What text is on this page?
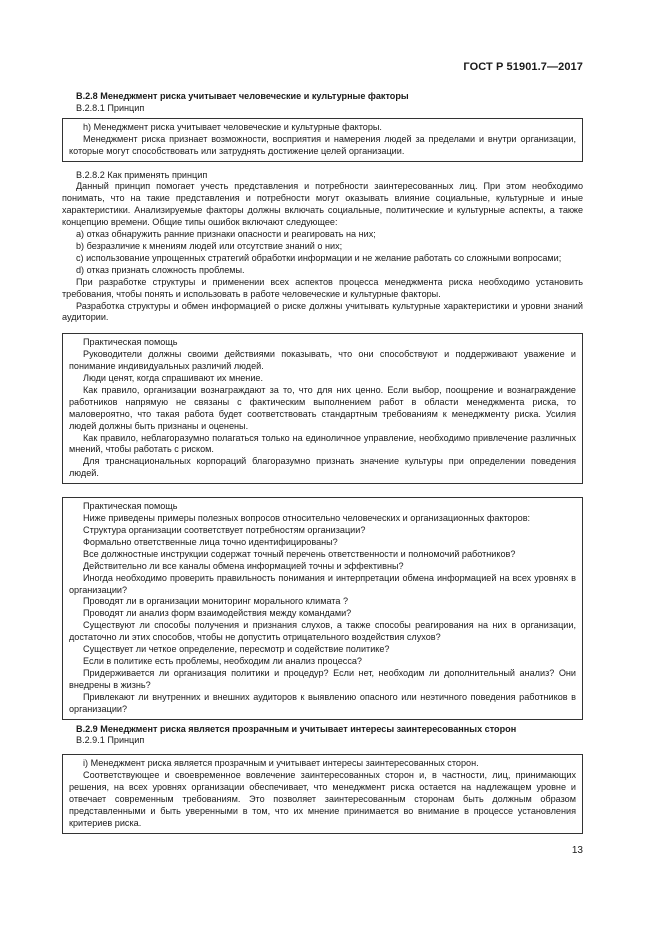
ГОСТ Р 51901.7—2017

В.2.8 Менеджмент риска учитывает человеческие и культурные факторы

В.2.8.1 Принцип

h) Менеджмент риска учитывает человеческие и культурные факторы.

Менеджмент риска признает возможности, восприятия и намерения людей за пределами и внутри организации, которые могут способствовать или затруднять достижение целей организации.

В.2.8.2 Как применять принцип

Данный принцип помогает учесть представления и потребности заинтересованных лиц. При этом необходимо понимать, что на такие представления и потребности могут оказывать влияние социальные, культурные и иные характеристики. Анализируемые факторы должны включать социальные, политические и культурные аспекты, а также концепцию времени. Общие типы ошибок включают следующее:

а) отказ обнаружить ранние признаки опасности и реагировать на них;

b) безразличие к мнениям людей или отсутствие знаний о них;

с) использование упрощенных стратегий обработки информации и не желание работать со сложными вопросами;

d) отказ признать сложность проблемы.

При разработке структуры и применении всех аспектов процесса менеджмента риска необходимо установить требования, чтобы понять и использовать в работе человеческие и культурные факторы.

Разработка структуры и обмен информацией о риске должны учитывать культурные характеристики и уровни знаний аудитории.

Практическая помощь

Руководители должны своими действиями показывать, что они способствуют и поддерживают уважение и понимание индивидуальных различий людей.

Люди ценят, когда спрашивают их мнение.

Как правило, организации вознаграждают за то, что для них ценно. Если выбор, поощрение и вознаграждение работников напрямую не связаны с фактическим выполнением работ в области менеджмента риска, то маловероятно, что такая работа будет соответствовать стандартным требованиям к менеджменту риска. Усилия людей должны быть признаны и оценены.

Как правило, неблагоразумно полагаться только на единоличное управление, необходимо привлечение различных мнений, чтобы работать с риском.

Для транснациональных корпораций благоразумно признать значение культуры при определении поведения людей.

Практическая помощь

Ниже приведены примеры полезных вопросов относительно человеческих и организационных факторов:

Структура организации соответствует потребностям организации?

Формально ответственные лица точно идентифицированы?

Все должностные инструкции содержат точный перечень ответственности и полномочий работников?

Действительно ли все каналы обмена информацией точны и эффективны?

Иногда необходимо проверить правильность понимания и интерпретации обмена информацией на всех уровнях в организации?

Проводят ли в организации мониторинг морального климата ?

Проводят ли анализ форм взаимодействия между командами?

Существуют ли способы получения и признания слухов, а также способы реагирования на них в организации, достаточно ли этих способов, чтобы не допустить отрицательного воздействия слухов?

Существует ли четкое определение, пересмотр и содействие политике?

Если в политике есть проблемы, необходим ли анализ процесса?

Придерживается ли организация политики и процедур? Если нет, необходим ли дополнительный анализ? Они внедрены в жизнь?

Привлекают ли внутренних и внешних аудиторов к выявлению опасного или неэтичного поведения работников в организации?

В.2.9 Менеджмент риска является прозрачным и учитывает интересы заинтересованных сторон

В.2.9.1 Принцип

i) Менеджмент риска является прозрачным и учитывает интересы заинтересованных сторон.

Соответствующее и своевременное вовлечение заинтересованных сторон и, в частности, лиц, принимающих решения, на всех уровнях организации обеспечивает, что менеджмент риска остается на надлежащем уровне и отвечает современным требованиям. Это позволяет заинтересованным сторонам быть должным образом представленными и быть уверенными в том, что их мнение принимается во внимание в процессе установления критериев риска.

13
